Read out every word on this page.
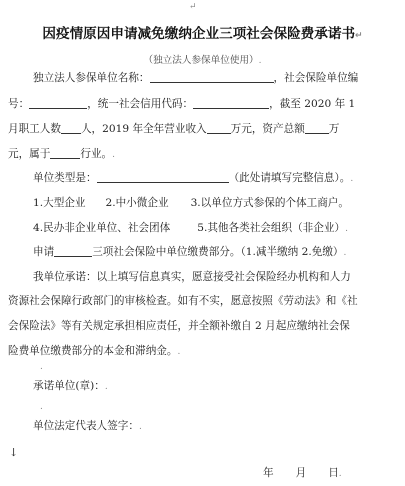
↵
因疫情原因申请减免缴纳企业三项社会保险费承诺书↵
（独立法人参保单位使用）.
独立法人参保单位名称：	，社会保险单位编
号：	，统一社会信用代码：	，截至 2020 年 1
月职工人数 人，2019 年全年营业收入 万元，资产总额 万
元，属于	行业。.
单位类型是：	（此处请填写完整信息）。.
1.大型企业 2.中小微企业 3.以单位方式参保的个体工商户。
4.民办非企业单位、社会团体	5.其他各类社会组织（非企业）.
申请	三项社会保险中单位缴费部分。（1.减半缴纳 2.免缴）.
我单位承诺：以上填写信息真实，愿意接受社会保险经办机构和人力
资源社会保障行政部门的审核检查。如有不实，愿意按照《劳动法》和《社
会保险法》等有关规定承担相应责任，并全额补缴自 2 月起应缴纳社会保
险费单位缴费部分的本金和滞纳金。.
.
承诺单位(章)：.
.
单位法定代表人签字：.
↓
年 月 日.
